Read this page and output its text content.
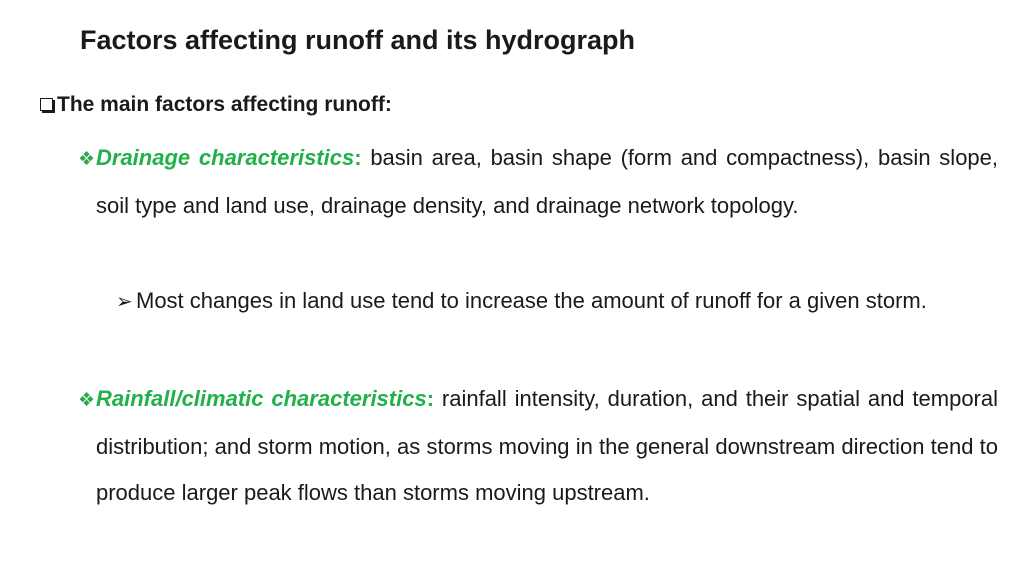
Factors affecting runoff and its hydrograph
The main factors affecting runoff:

❖Drainage characteristics: basin area, basin shape (form and compactness), basin slope, soil type and land use, drainage density, and drainage network topology.

➢ Most changes in land use tend to increase the amount of runoff for a given storm.

❖Rainfall/climatic characteristics: rainfall intensity, duration, and their spatial and temporal distribution; and storm motion, as storms moving in the general downstream direction tend to produce larger peak flows than storms moving upstream.
